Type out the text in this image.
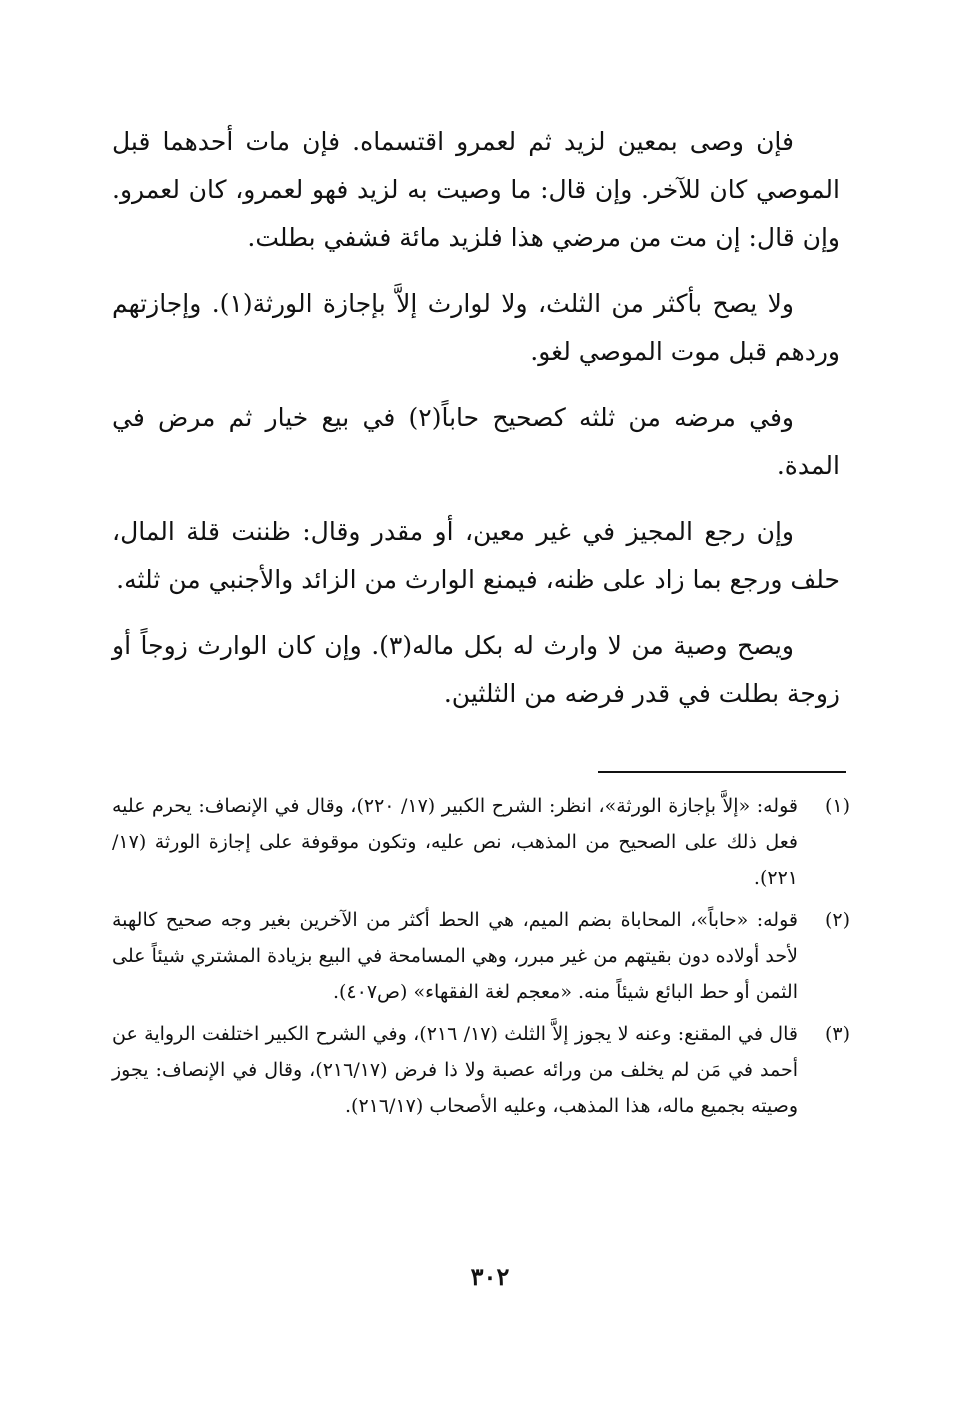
فإن وصى بمعين لزيد ثم لعمرو اقتسماه. فإن مات أحدهما قبل الموصي كان للآخر. وإن قال: ما وصيت به لزيد فهو لعمرو، كان لعمرو. وإن قال: إن مت من مرضي هذا فلزيد مائة فشفي بطلت.

ولا يصح بأكثر من الثلث، ولا لوارث إلاَّ بإجازة الورثة(١). وإجازتهم وردهم قبل موت الموصي لغو.

وفي مرضه من ثلثه كصحيح حاباً(٢) في بيع خيار ثم مرض في المدة.

وإن رجع المجيز في غير معين، أو مقدر وقال: ظننت قلة المال، حلف ورجع بما زاد على ظنه، فيمنع الوارث من الزائد والأجنبي من ثلثه.

ويصح وصية من لا وارث له بكل ماله(٣). وإن كان الوارث زوجاً أو زوجة بطلت في قدر فرضه من الثلثين.

(١)
قوله: «إلاَّ بإجازة الورثة»، انظر: الشرح الكبير (١٧/ ٢٢٠)، وقال في الإنصاف: يحرم عليه فعل ذلك على الصحيح من المذهب، نص عليه، وتكون موقوفة على إجازة الورثة (١٧/ ٢٢١).
(٢)
قوله: «حاباً»، المحاباة بضم الميم، هي الحط أكثر من الآخرين بغير وجه صحيح كالهبة لأحد أولاده دون بقيتهم من غير مبرر، وهي المسامحة في البيع بزيادة المشتري شيئاً على الثمن أو حط البائع شيئاً منه. «معجم لغة الفقهاء» (ص٤٠٧).
(٣)
قال في المقنع: وعنه لا يجوز إلاَّ الثلث (١٧/ ٢١٦)، وفي الشرح الكبير اختلفت الرواية عن أحمد في مَن لم يخلف من ورائه عصبة ولا ذا فرض (٢١٦/١٧)، وقال في الإنصاف: يجوز وصيته بجميع ماله، هذا المذهب، وعليه الأصحاب (٢١٦/١٧).
٣٠٢
